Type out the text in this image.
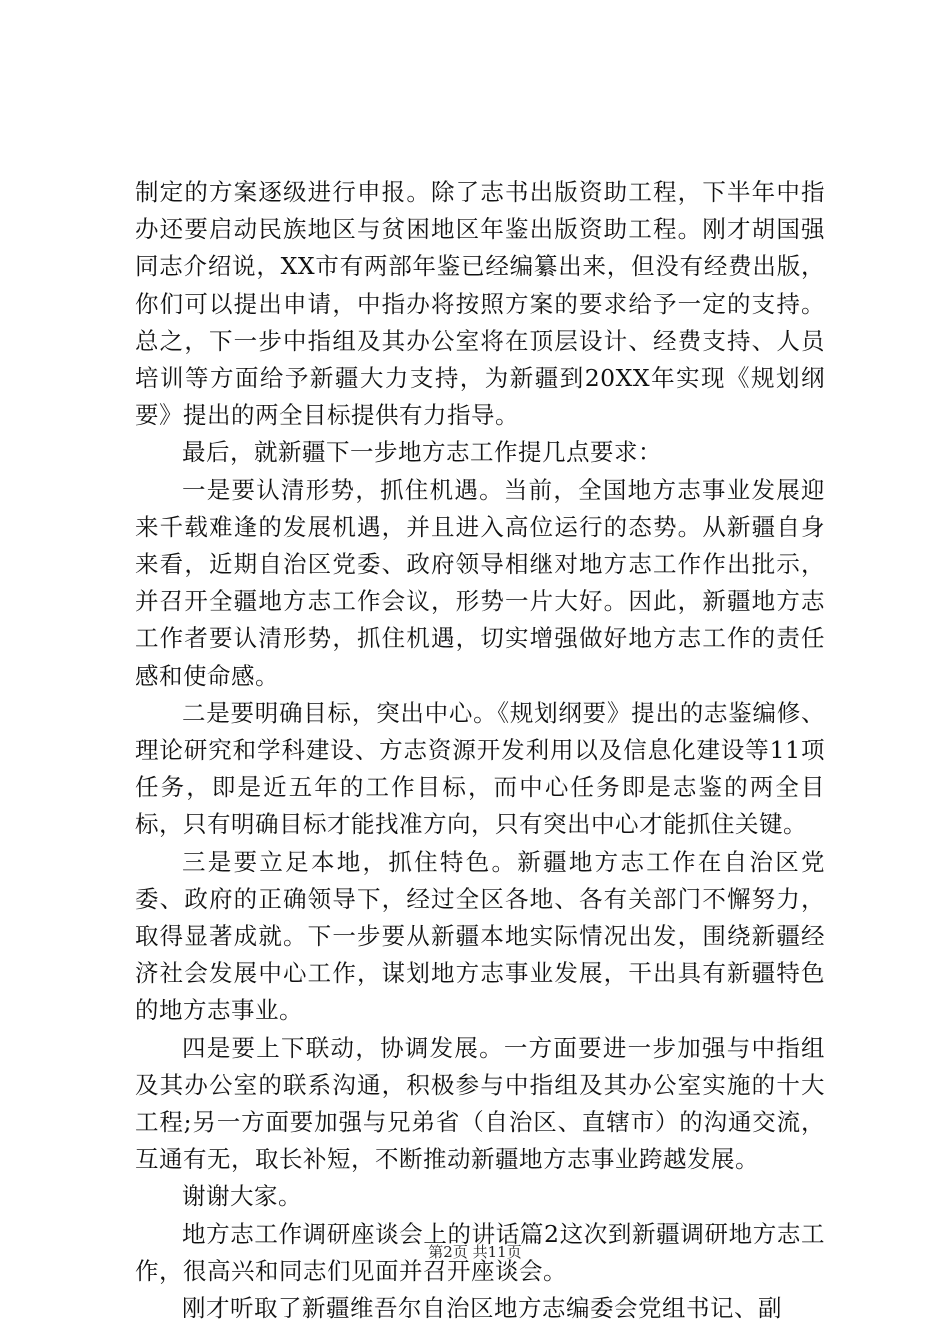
制定的方案逐级进行申报。除了志书出版资助工程，下半年中指办还要启动民族地区与贫困地区年鉴出版资助工程。刚才胡国强同志介绍说，XX市有两部年鉴已经编纂出来，但没有经费出版，你们可以提出申请，中指办将按照方案的要求给予一定的支持。总之，下一步中指组及其办公室将在顶层设计、经费支持、人员培训等方面给予新疆大力支持，为新疆到20XX年实现《规划纲要》提出的两全目标提供有力指导。

最后，就新疆下一步地方志工作提几点要求：

一是要认清形势，抓住机遇。当前，全国地方志事业发展迎来千载难逢的发展机遇，并且进入高位运行的态势。从新疆自身来看，近期自治区党委、政府领导相继对地方志工作作出批示，并召开全疆地方志工作会议，形势一片大好。因此，新疆地方志工作者要认清形势，抓住机遇，切实增强做好地方志工作的责任感和使命感。

二是要明确目标，突出中心。《规划纲要》提出的志鉴编修、理论研究和学科建设、方志资源开发利用以及信息化建设等11项任务，即是近五年的工作目标，而中心任务即是志鉴的两全目标，只有明确目标才能找准方向，只有突出中心才能抓住关键。

三是要立足本地，抓住特色。新疆地方志工作在自治区党委、政府的正确领导下，经过全区各地、各有关部门不懈努力，取得显著成就。下一步要从新疆本地实际情况出发，围绕新疆经济社会发展中心工作，谋划地方志事业发展，干出具有新疆特色的地方志事业。

四是要上下联动，协调发展。一方面要进一步加强与中指组及其办公室的联系沟通，积极参与中指组及其办公室实施的十大工程;另一方面要加强与兄弟省（自治区、直辖市）的沟通交流，互通有无，取长补短，不断推动新疆地方志事业跨越发展。

谢谢大家。

地方志工作调研座谈会上的讲话篇2这次到新疆调研地方志工作，很高兴和同志们见面并召开座谈会。

刚才听取了新疆维吾尔自治区地方志编委会党组书记、副

第2页 共11页
